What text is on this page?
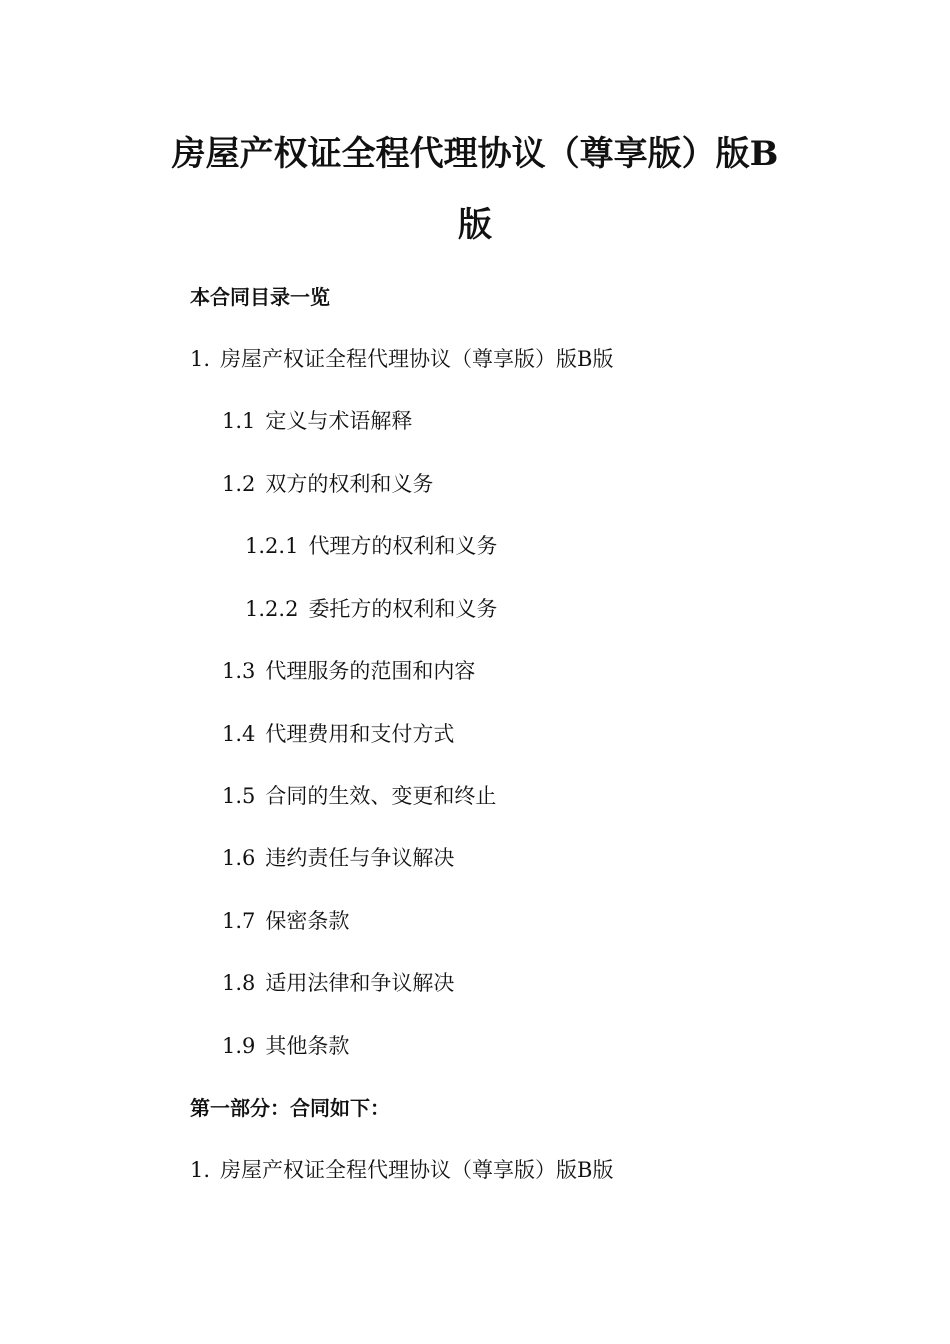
房屋产权证全程代理协议（尊享版）版B
版
本合同目录一览
1. 房屋产权证全程代理协议（尊享版）版B版
1.1 定义与术语解释
1.2 双方的权利和义务
1.2.1 代理方的权利和义务
1.2.2 委托方的权利和义务
1.3 代理服务的范围和内容
1.4 代理费用和支付方式
1.5 合同的生效、变更和终止
1.6 违约责任与争议解决
1.7 保密条款
1.8 适用法律和争议解决
1.9 其他条款
第一部分：合同如下：
1. 房屋产权证全程代理协议（尊享版）版B版
